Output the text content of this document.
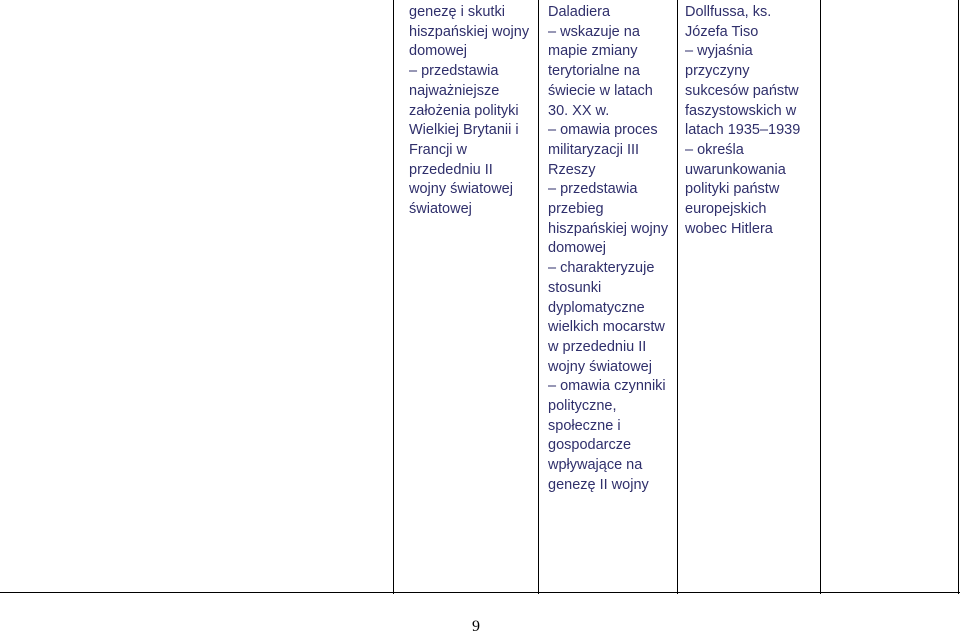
genezę i skutki
hiszpańskiej wojny
domowej
– przedstawia
najważniejsze
założenia polityki
Wielkiej Brytanii i
Francji w
przededniu II
wojny światowej
światowej
Daladiera
– wskazuje na
mapie zmiany
terytorialne na
świecie w latach
30. XX w.
– omawia proces
militaryzacji III
Rzeszy
– przedstawia
przebieg
hiszpańskiej wojny
domowej
– charakteryzuje
stosunki
dyplomatyczne
wielkich mocarstw
w przededniu II
wojny światowej
– omawia czynniki
polityczne,
społeczne i
gospodarcze
wpływające na
genezę II wojny
Dollfussa, ks.
Józefa Tiso
– wyjaśnia
przyczyny
sukcesów państw
faszystowskich w
latach 1935–1939
– określa
uwarunkowania
polityki państw
europejskich
wobec Hitlera
9
